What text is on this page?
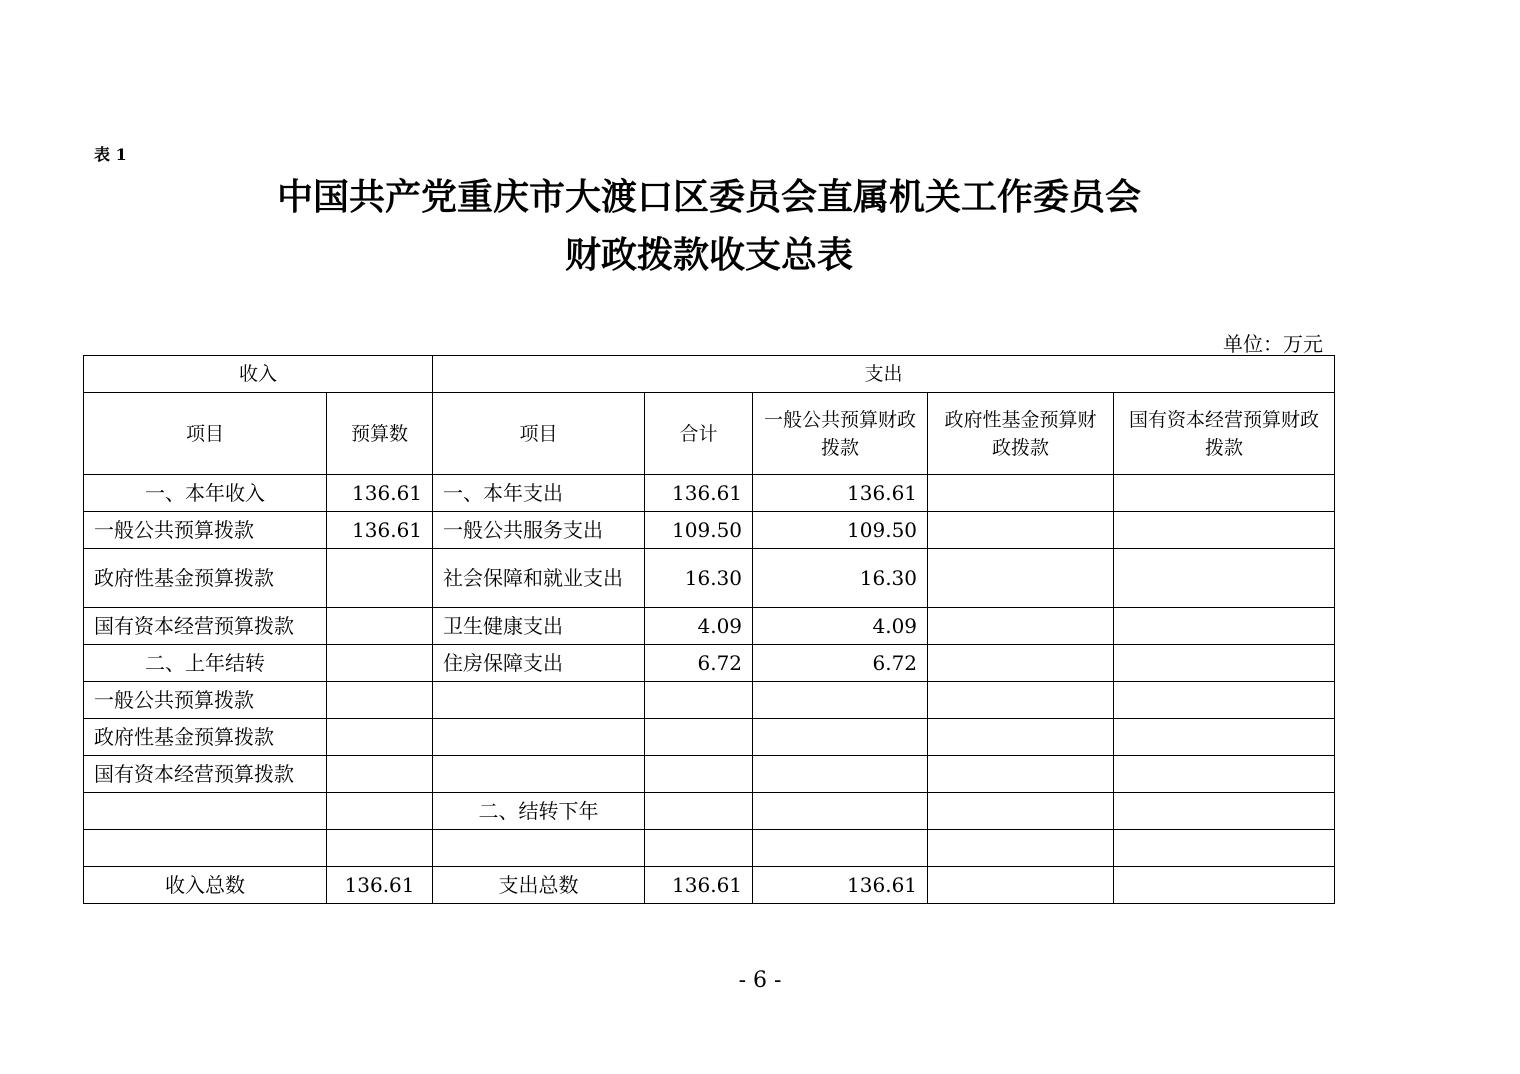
表 1
中国共产党重庆市大渡口区委员会直属机关工作委员会
财政拨款收支总表
单位：万元
收入		支出				
项目	预算数	项目	合计	一般公共预算财政拨款	政府性基金预算财政拨款	国有资本经营预算财政拨款
一、本年收入	136.61	一、本年支出	136.61	136.61		
一般公共预算拨款	136.61	一般公共服务支出	109.50	109.50		
政府性基金预算拨款		社会保障和就业支出	16.30	16.30		
国有资本经营预算拨款		卫生健康支出	4.09	4.09		
二、上年结转		住房保障支出	6.72	6.72		
一般公共预算拨款						
政府性基金预算拨款						
国有资本经营预算拨款						
		二、结转下年				

收入总数	136.61	支出总数	136.61	136.61		
- 6 -
